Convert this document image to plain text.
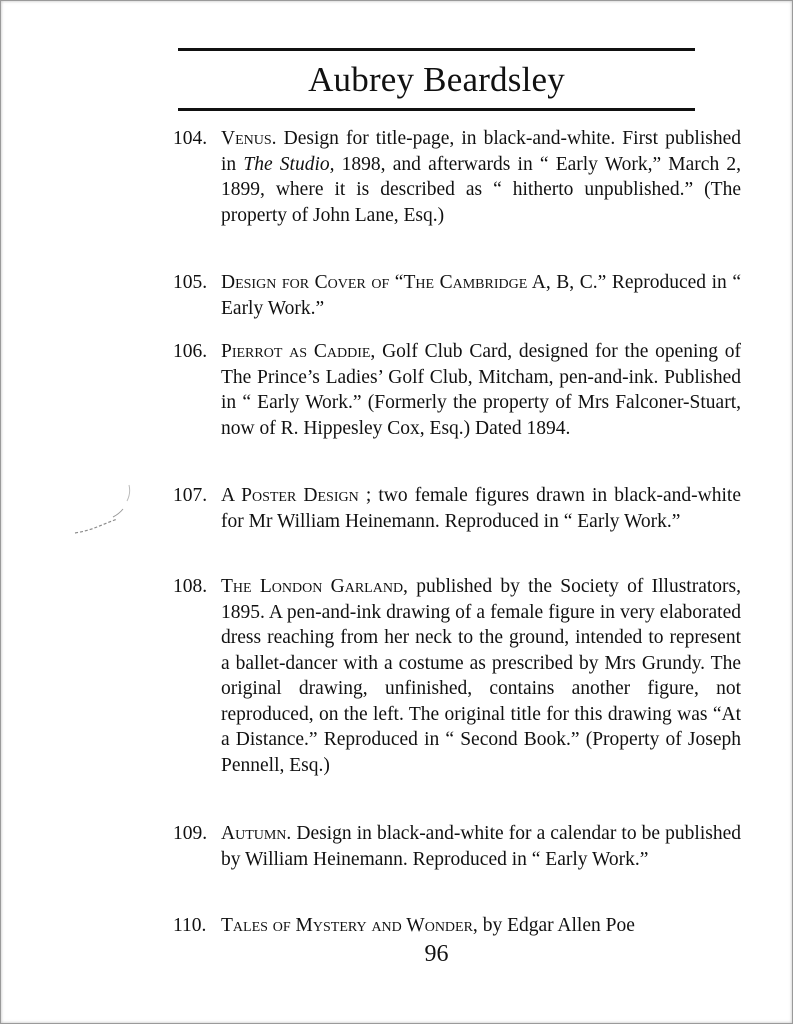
Aubrey Beardsley
104. Venus. Design for title-page, in black-and-white. First published in The Studio, 1898, and afterwards in “ Early Work,” March 2, 1899, where it is described as “ hitherto unpublished.” (The property of John Lane, Esq.)
105. Design for Cover of “The Cambridge A, B, C.” Reproduced in “ Early Work.”
106. Pierrot as Caddie, Golf Club Card, designed for the opening of The Prince’s Ladies’ Golf Club, Mitcham, pen-and-ink. Published in “ Early Work.” (Formerly the property of Mrs Falconer-Stuart, now of R. Hippesley Cox, Esq.) Dated 1894.
107. A Poster Design ; two female figures drawn in black-and-white for Mr William Heinemann. Reproduced in “ Early Work.”
108. The London Garland, published by the Society of Illustrators, 1895. A pen-and-ink drawing of a female figure in very elaborated dress reaching from her neck to the ground, intended to represent a ballet-dancer with a costume as prescribed by Mrs Grundy. The original drawing, unfinished, contains another figure, not reproduced, on the left. The original title for this drawing was “At a Distance.” Reproduced in “ Second Book.” (Property of Joseph Pennell, Esq.)
109. Autumn. Design in black-and-white for a calendar to be published by William Heinemann. Reproduced in “ Early Work.”
110. Tales of Mystery and Wonder, by Edgar Allen Poe
96
